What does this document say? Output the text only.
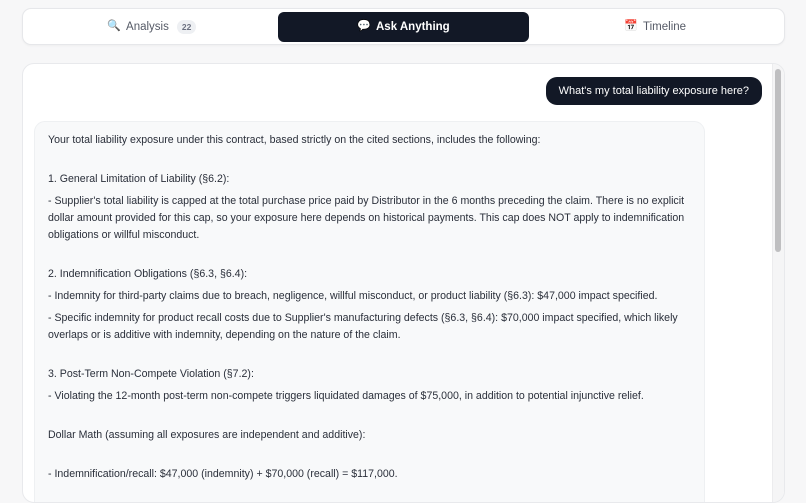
🔍 Analysis	22	💬 Ask Anything	📅 Timeline
What's my total liability exposure here?

Your total liability exposure under this contract, based strictly on the cited sections, includes the following:

1. General Limitation of Liability (§6.2):

- Supplier's total liability is capped at the total purchase price paid by Distributor in the 6 months preceding the claim. There is no explicit dollar amount provided for this cap, so your exposure here depends on historical payments. This cap does NOT apply to indemnification obligations or willful misconduct.

2. Indemnification Obligations (§6.3, §6.4):

- Indemnity for third-party claims due to breach, negligence, willful misconduct, or product liability (§6.3): $47,000 impact specified.

- Specific indemnity for product recall costs due to Supplier's manufacturing defects (§6.3, §6.4): $70,000 impact specified, which likely overlaps or is additive with indemnity, depending on the nature of the claim.

3. Post-Term Non-Compete Violation (§7.2):

- Violating the 12-month post-term non-compete triggers liquidated damages of $75,000, in addition to potential injunctive relief.

Dollar Math (assuming all exposures are independent and additive):

- Indemnification/recall: $47,000 (indemnity) + $70,000 (recall) = $117,000.
